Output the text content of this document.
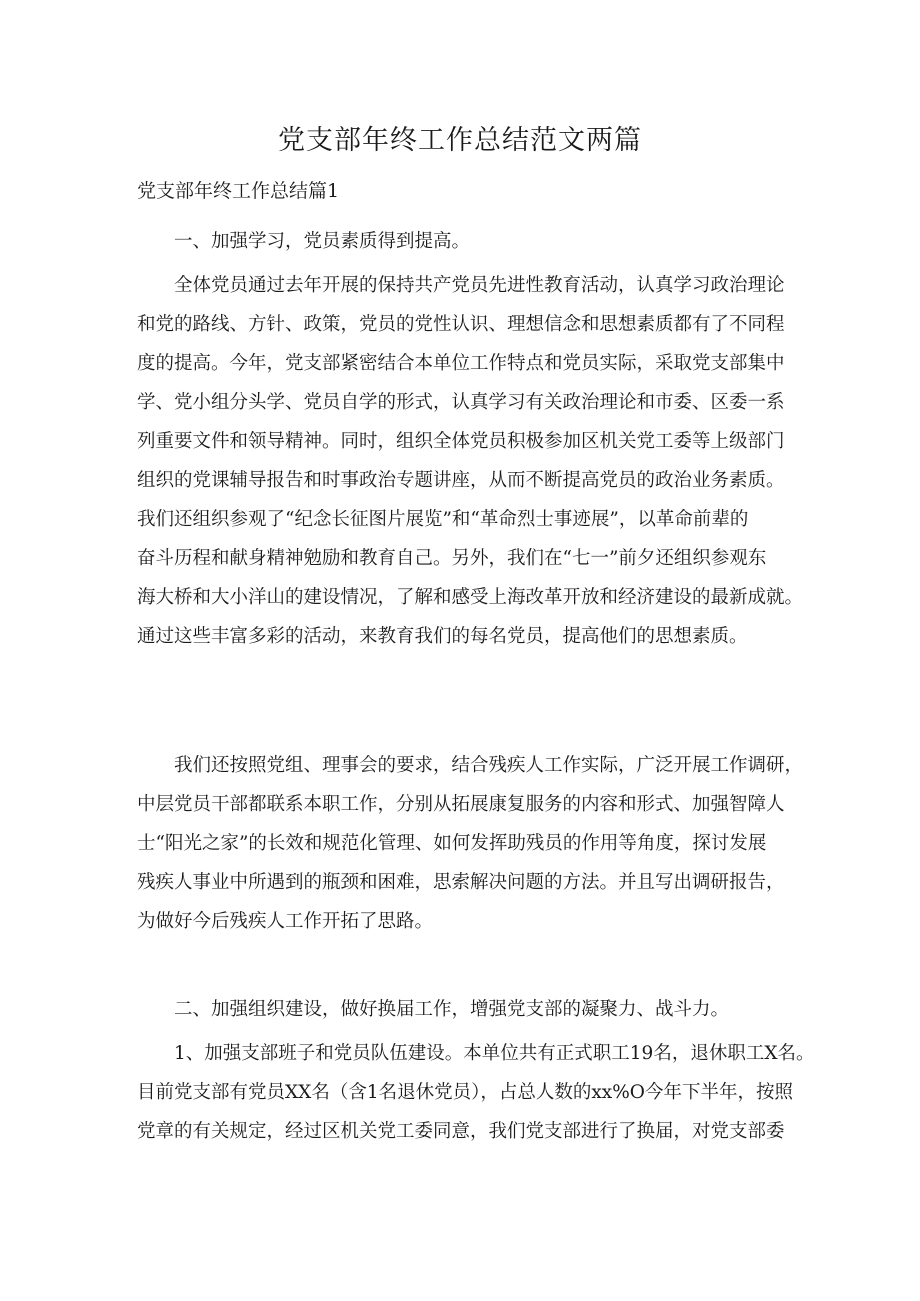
党支部年终工作总结范文两篇

党支部年终工作总结篇1

一、加强学习，党员素质得到提高。

全体党员通过去年开展的保持共产党员先进性教育活动，认真学习政治理论
和党的路线、方针、政策，党员的党性认识、理想信念和思想素质都有了不同程
度的提高。今年，党支部紧密结合本单位工作特点和党员实际，采取党支部集中
学、党小组分头学、党员自学的形式，认真学习有关政治理论和市委、区委一系
列重要文件和领导精神。同时，组织全体党员积极参加区机关党工委等上级部门
组织的党课辅导报告和时事政治专题讲座，从而不断提高党员的政治业务素质。
我们还组织参观了“纪念长征图片展览”和“革命烈士事迹展”，以革命前辈的
奋斗历程和献身精神勉励和教育自己。另外，我们在“七一”前夕还组织参观东
海大桥和大小洋山的建设情况，了解和感受上海改革开放和经济建设的最新成就。
通过这些丰富多彩的活动，来教育我们的每名党员，提高他们的思想素质。
我们还按照党组、理事会的要求，结合残疾人工作实际，广泛开展工作调研，
中层党员干部都联系本职工作，分别从拓展康复服务的内容和形式、加强智障人
士“阳光之家”的长效和规范化管理、如何发挥助残员的作用等角度，探讨发展
残疾人事业中所遇到的瓶颈和困难，思索解决问题的方法。并且写出调研报告，
为做好今后残疾人工作开拓了思路。

二、加强组织建设，做好换届工作，增强党支部的凝聚力、战斗力。

1、加强支部班子和党员队伍建设。本单位共有正式职工19名，退休职工X名。
目前党支部有党员XX名（含1名退休党员），占总人数的xx%O今年下半年，按照
党章的有关规定，经过区机关党工委同意，我们党支部进行了换届，对党支部委
